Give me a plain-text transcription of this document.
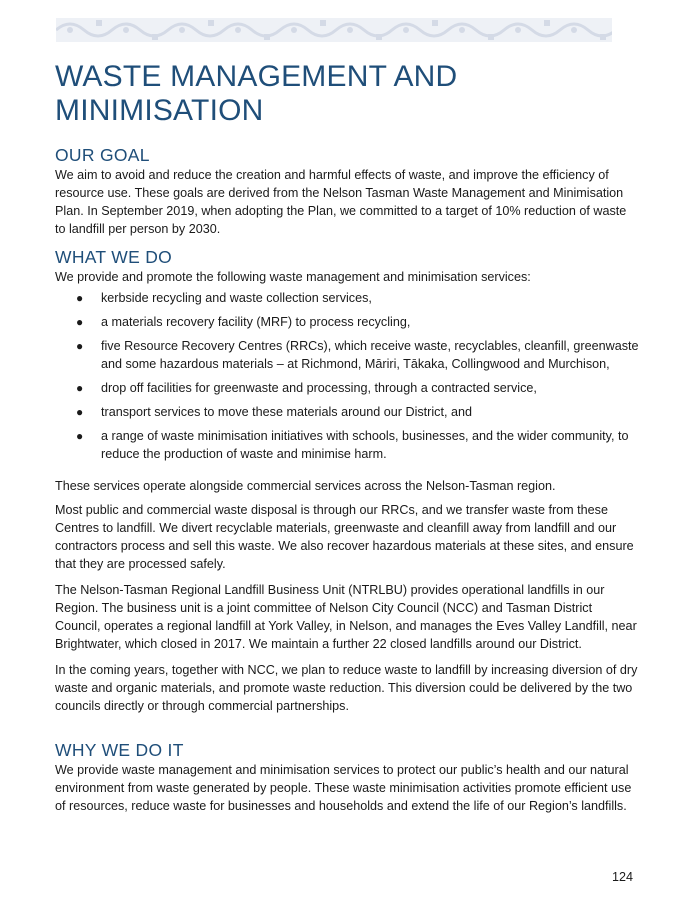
WASTE MANAGEMENT AND MINIMISATION
OUR GOAL

We aim to avoid and reduce the creation and harmful effects of waste, and improve the efficiency of resource use. These goals are derived from the Nelson Tasman Waste Management and Minimisation Plan. In September 2019, when adopting the Plan, we committed to a target of 10% reduction of waste to landfill per person by 2030.

WHAT WE DO

We provide and promote the following waste management and minimisation services:

● kerbside recycling and waste collection services,
● a materials recovery facility (MRF) to process recycling,
● five Resource Recovery Centres (RRCs), which receive waste, recyclables, cleanfill, greenwaste and some hazardous materials – at Richmond, Māriri, Tākaka, Collingwood and Murchison,
● drop off facilities for greenwaste and processing, through a contracted service,
● transport services to move these materials around our District, and
● a range of waste minimisation initiatives with schools, businesses, and the wider community, to reduce the production of waste and minimise harm.

These services operate alongside commercial services across the Nelson-Tasman region.

Most public and commercial waste disposal is through our RRCs, and we transfer waste from these Centres to landfill. We divert recyclable materials, greenwaste and cleanfill away from landfill and our contractors process and sell this waste. We also recover hazardous materials at these sites, and ensure that they are processed safely.

The Nelson-Tasman Regional Landfill Business Unit (NTRLBU) provides operational landfills in our Region. The business unit is a joint committee of Nelson City Council (NCC) and Tasman District Council, operates a regional landfill at York Valley, in Nelson, and manages the Eves Valley Landfill, near Brightwater, which closed in 2017. We maintain a further 22 closed landfills around our District.

In the coming years, together with NCC, we plan to reduce waste to landfill by increasing diversion of dry waste and organic materials, and promote waste reduction. This diversion could be delivered by the two councils directly or through commercial partnerships.

WHY WE DO IT

We provide waste management and minimisation services to protect our public’s health and our natural environment from waste generated by people. These waste minimisation activities promote efficient use of resources, reduce waste for businesses and households and extend the life of our Region’s landfills.

124
